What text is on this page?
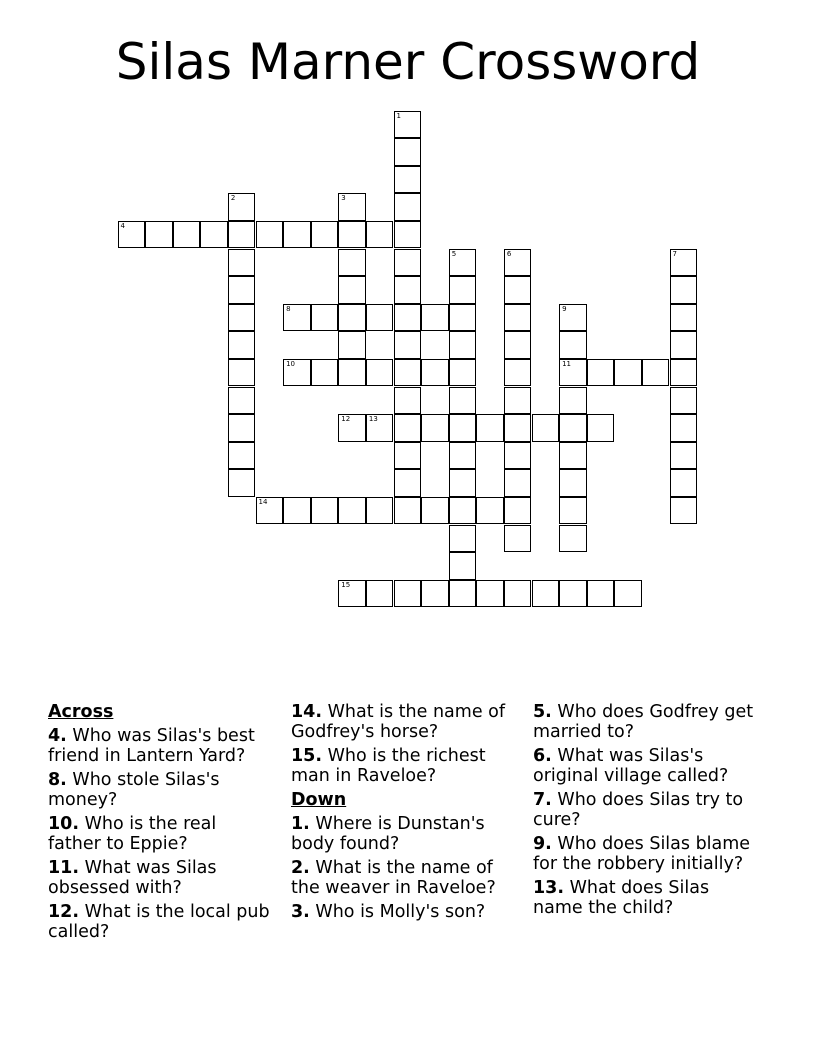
Silas Marner Crossword
1
2	3
4
5	6	7
8	9
11
10
12	13
14
15
Across
4. Who was Silas's best friend in Lantern Yard?
8. Who stole Silas's money?
10. Who is the real father to Eppie?
11. What was Silas obsessed with?
12. What is the local pub called?
14. What is the name of Godfrey's horse?
15. Who is the richest man in Raveloe?
Down
1. Where is Dunstan's body found?
2. What is the name of the weaver in Raveloe?
3. Who is Molly's son?
5. Who does Godfrey get married to?
6. What was Silas's original village called?
7. Who does Silas try to cure?
9. Who does Silas blame for the robbery initially?
13. What does Silas name the child?
